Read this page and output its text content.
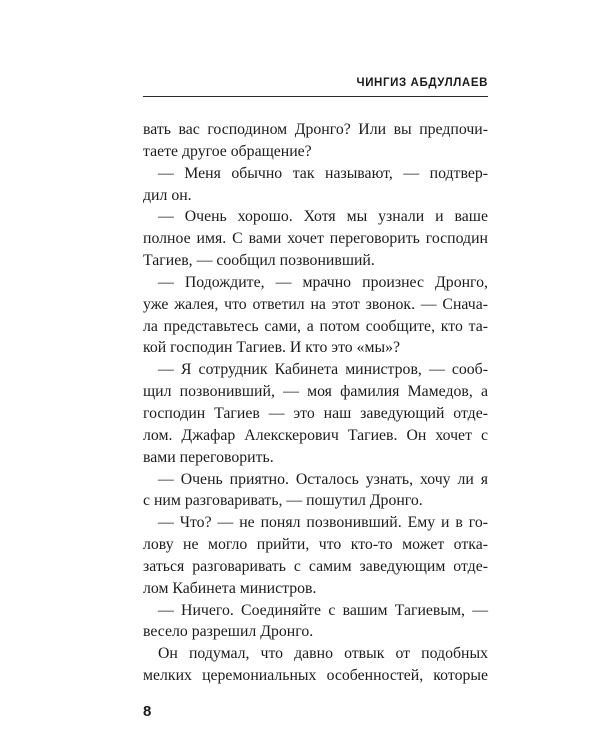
ЧИНГИЗ АБДУЛЛАЕВ
вать вас господином Дронго? Или вы предпочи-
таете другое обращение?
— Меня обычно так называют, — подтвер-
дил он.
— Очень хорошо. Хотя мы узнали и ваше
полное имя. С вами хочет переговорить господин
Тагиев, — сообщил позвонивший.
— Подождите, — мрачно произнес Дронго,
уже жалея, что ответил на этот звонок. — Снача-
ла представьтесь сами, а потом сообщите, кто та-
кой господин Тагиев. И кто это «мы»?
— Я сотрудник Кабинета министров, — сооб-
щил позвонивший, — моя фамилия Мамедов, а
господин Тагиев — это наш заведующий отде-
лом. Джафар Алекскерович Тагиев. Он хочет с
вами переговорить.
— Очень приятно. Осталось узнать, хочу ли я
с ним разговаривать, — пошутил Дронго.
— Что? — не понял позвонивший. Ему и в го-
лову не могло прийти, что кто-то может отка-
заться разговаривать с самим заведующим отде-
лом Кабинета министров.
— Ничего. Соединяйте с вашим Тагиевым, —
весело разрешил Дронго.
Он подумал, что давно отвык от подобных
мелких церемониальных особенностей, которые
8
